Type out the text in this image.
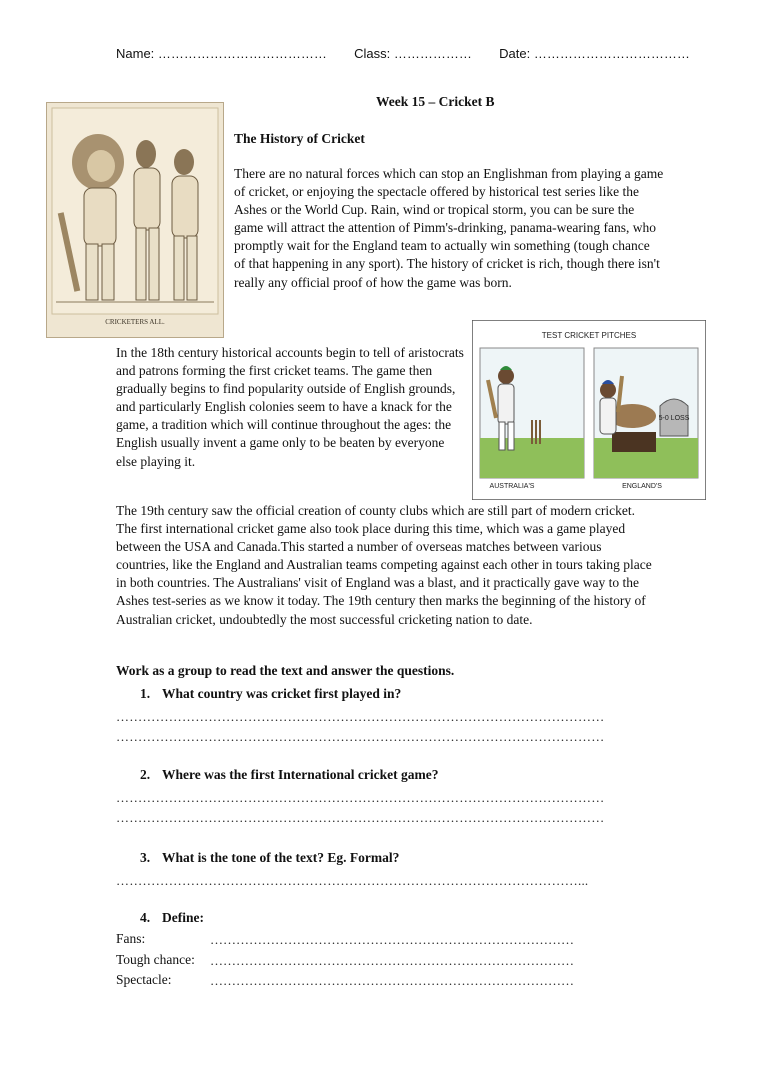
Name: ………………………………… Class: ……………… Date: ………………………………
Week 15 – Cricket B
CRICKETERS ALL.
The History of Cricket
There are no natural forces which can stop an Englishman from playing a game of cricket, or enjoying the spectacle offered by historical test series like the Ashes or the World Cup. Rain, wind or tropical storm, you can be sure the game will attract the attention of Pimm's-drinking, panama-wearing fans, who promptly wait for the England team to actually win something (tough chance of that happening in any sport). The history of cricket is rich, though there isn't really any official proof of how the game was born.
TEST CRICKET PITCHES
AUSTRALIA'S
5-0 LOSS
ENGLAND'S
In the 18th century historical accounts begin to tell of aristocrats and patrons forming the first cricket teams. The game then gradually begins to find popularity outside of English grounds, and particularly English colonies seem to have a knack for the game, a tradition which will continue throughout the ages: the English usually invent a game only to be beaten by everyone else playing it.
The 19th century saw the official creation of county clubs which are still part of modern cricket. The first international cricket game also took place during this time, which was a game played between the USA and Canada.This started a number of overseas matches between various countries, like the England and Australian teams competing against each other in tours taking place in both countries. The Australians' visit of England was a blast, and it practically gave way to the Ashes test-series as we know it today. The 19th century then marks the beginning of the history of Australian cricket, undoubtedly the most successful cricketing nation to date.
Work as a group to read the text and answer the questions.
1. What country was cricket first played in?
…………………………………………………………………………………………………
…………………………………………………………………………………………………
2. Where was the first International cricket game?
…………………………………………………………………………………………………
…………………………………………………………………………………………………
3. What is the tone of the text? Eg. Formal?
……………………………………………………………………………………………...
4. Define:
Fans:	…………………………………………………………………………
Tough chance: …………………………………………………………………………
Spectacle:	…………………………………………………………………………
